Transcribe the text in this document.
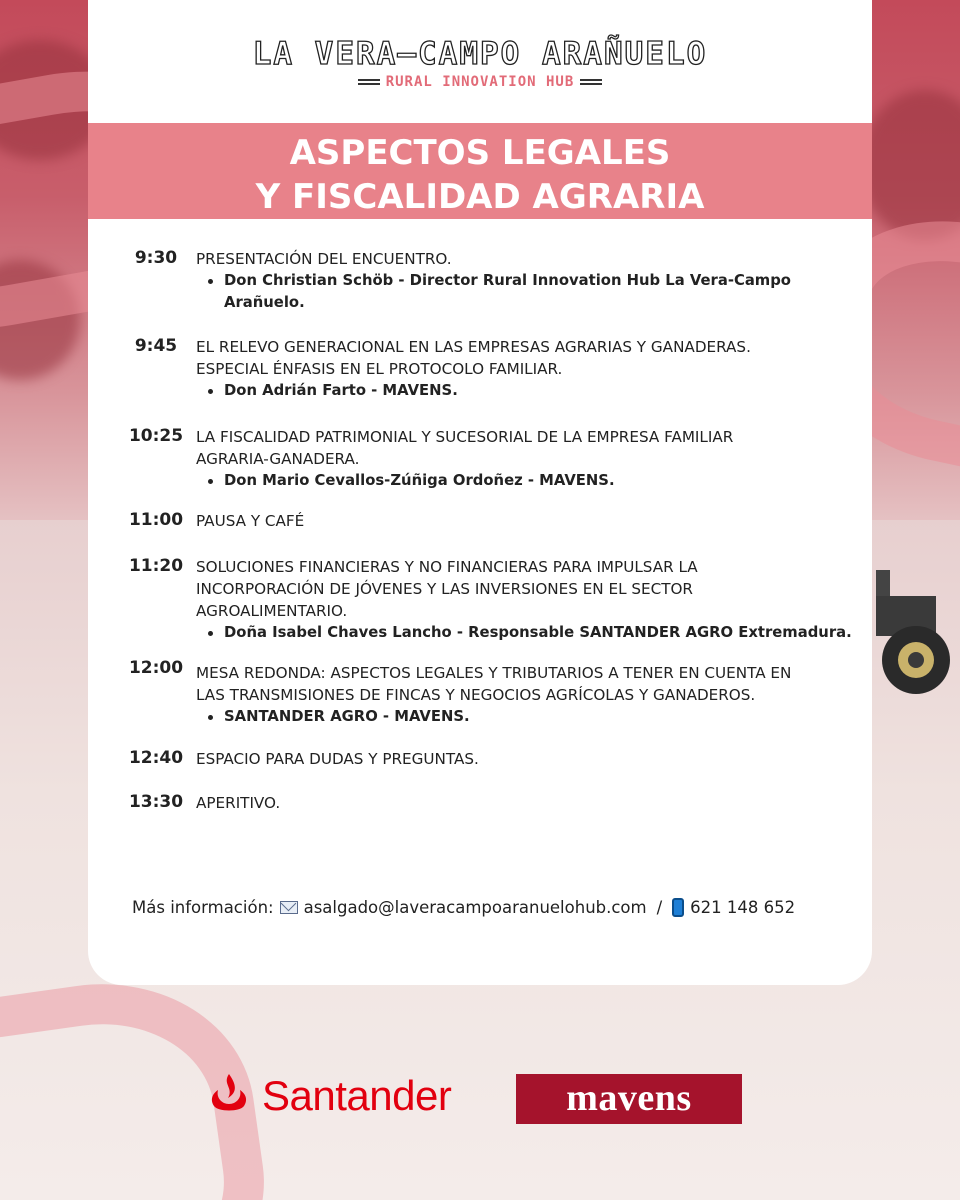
LA VERA–CAMPO ARAÑUELO
RURAL INNOVATION HUB
ASPECTOS LEGALES
Y FISCALIDAD AGRARIA
9:30	PRESENTACIÓN DEL ENCUENTRO.
Don Christian Schöb - Director Rural Innovation Hub La Vera-Campo Arañuelo.
9:45	EL RELEVO GENERACIONAL EN LAS EMPRESAS AGRARIAS Y GANADERAS.
ESPECIAL ÉNFASIS EN EL PROTOCOLO FAMILIAR.
Don Adrián Farto - MAVENS.
10:25 LA FISCALIDAD PATRIMONIAL Y SUCESORIAL DE LA EMPRESA FAMILIAR
AGRARIA-GANADERA.
Don Mario Cevallos-Zúñiga Ordoñez - MAVENS.
11:00 PAUSA Y CAFÉ
11:20 SOLUCIONES FINANCIERAS Y NO FINANCIERAS PARA IMPULSAR LA
INCORPORACIÓN DE JÓVENES Y LAS INVERSIONES EN EL SECTOR
AGROALIMENTARIO.
Doña Isabel Chaves Lancho - Responsable SANTANDER AGRO Extremadura.
12:00 MESA REDONDA: ASPECTOS LEGALES Y TRIBUTARIOS A TENER EN CUENTA EN
LAS TRANSMISIONES DE FINCAS Y NEGOCIOS AGRÍCOLAS Y GANADEROS.
SANTANDER AGRO - MAVENS.
12:40 ESPACIO PARA DUDAS Y PREGUNTAS.
13:30 APERITIVO.
Más información: asalgado@laveracampoaranuelohub.com / 621 148 652
Santander	mavens
